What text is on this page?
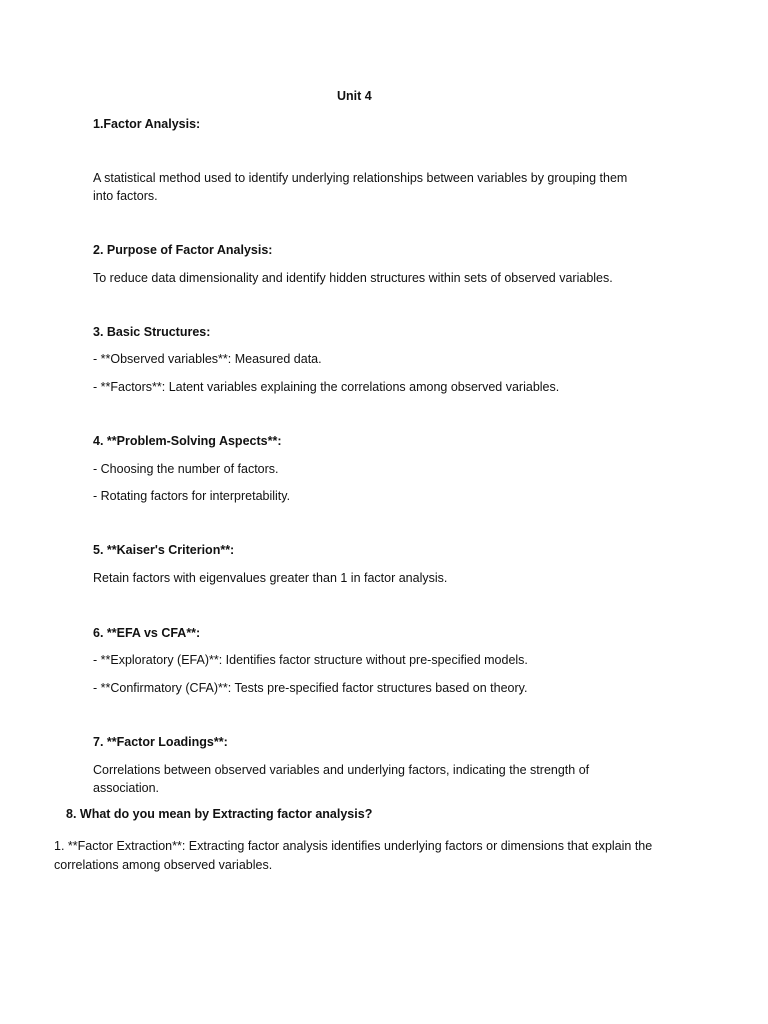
Unit 4

1.Factor Analysis:

A statistical method used to identify underlying relationships between variables by grouping them

into factors.

2. Purpose of Factor Analysis:

To reduce data dimensionality and identify hidden structures within sets of observed variables.

3. Basic Structures:

- **Observed variables**: Measured data.

- **Factors**: Latent variables explaining the correlations among observed variables.

4. **Problem-Solving Aspects**:

- Choosing the number of factors.

- Rotating factors for interpretability.

5. **Kaiser's Criterion**:

Retain factors with eigenvalues greater than 1 in factor analysis.

6. **EFA vs CFA**:

- **Exploratory (EFA)**: Identifies factor structure without pre-specified models.

- **Confirmatory (CFA)**: Tests pre-specified factor structures based on theory.

7. **Factor Loadings**:

Correlations between observed variables and underlying factors, indicating the strength of

association.

8. What do you mean by Extracting factor analysis?

1. **Factor Extraction**: Extracting factor analysis identifies underlying factors or dimensions that explain the

correlations among observed variables.
